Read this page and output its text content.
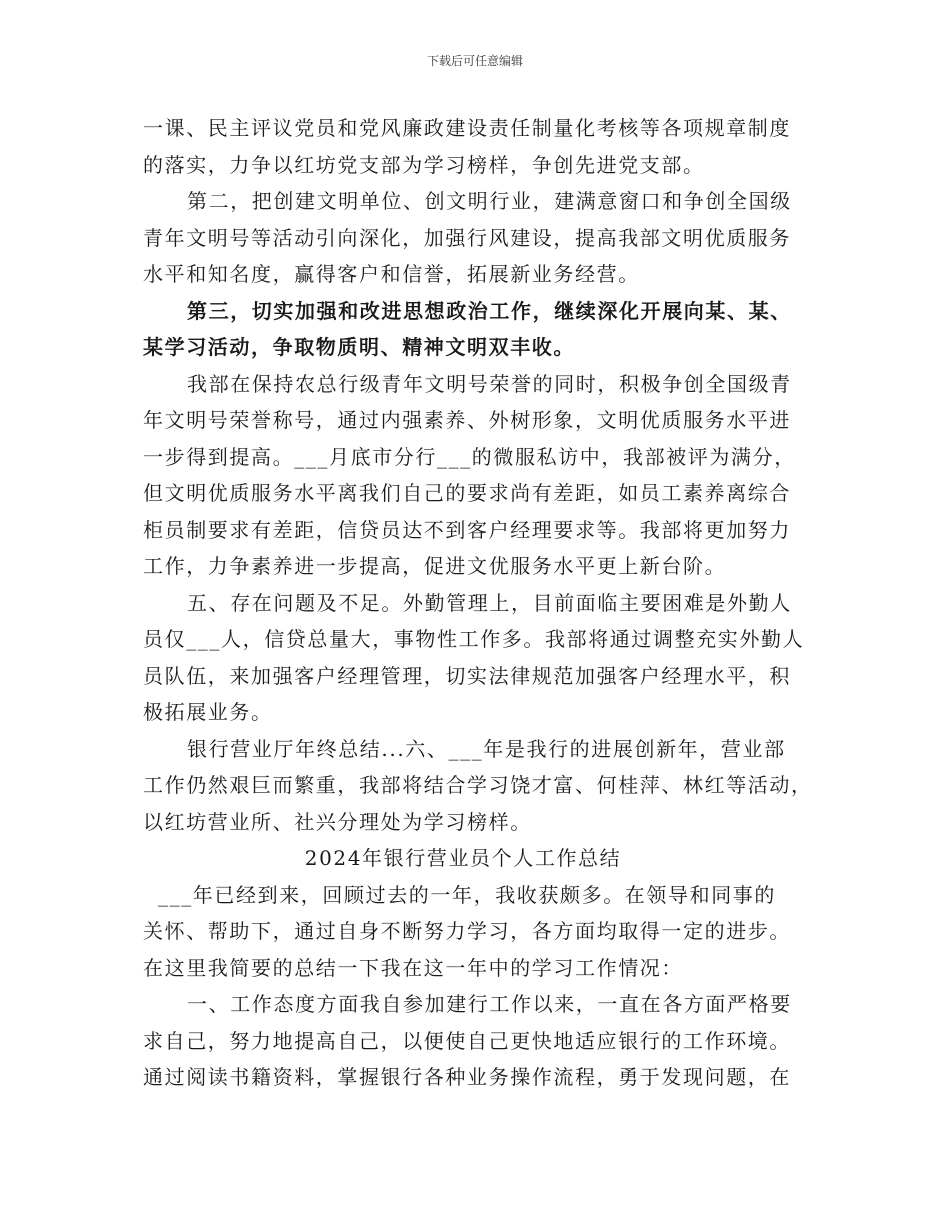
下载后可任意编辑
一课、民主评议党员和党风廉政建设责任制量化考核等各项规章制度
的落实，力争以红坊党支部为学习榜样，争创先进党支部。
第二，把创建文明单位、创文明行业，建满意窗口和争创全国级
青年文明号等活动引向深化，加强行风建设，提高我部文明优质服务
水平和知名度，赢得客户和信誉，拓展新业务经营。
第三，切实加强和改进思想政治工作，继续深化开展向某、某、
某学习活动，争取物质明、精神文明双丰收。
我部在保持农总行级青年文明号荣誉的同时，积极争创全国级青
年文明号荣誉称号，通过内强素养、外树形象，文明优质服务水平进
一步得到提高。___月底市分行___的微服私访中，我部被评为满分，
但文明优质服务水平离我们自己的要求尚有差距，如员工素养离综合
柜员制要求有差距，信贷员达不到客户经理要求等。我部将更加努力
工作，力争素养进一步提高，促进文优服务水平更上新台阶。
五、存在问题及不足。外勤管理上，目前面临主要困难是外勤人
员仅___人，信贷总量大，事物性工作多。我部将通过调整充实外勤人
员队伍，来加强客户经理管理，切实法律规范加强客户经理水平，积
极拓展业务。
银行营业厅年终总结...六、___年是我行的进展创新年，营业部
工作仍然艰巨而繁重，我部将结合学习饶才富、何桂萍、林红等活动，
以红坊营业所、社兴分理处为学习榜样。
2024年银行营业员个人工作总结
___年已经到来，回顾过去的一年，我收获颇多。在领导和同事的
关怀、帮助下，通过自身不断努力学习，各方面均取得一定的进步。
在这里我简要的总结一下我在这一年中的学习工作情况：
一、工作态度方面我自参加建行工作以来，一直在各方面严格要
求自己，努力地提高自己，以便使自己更快地适应银行的工作环境。
通过阅读书籍资料，掌握银行各种业务操作流程，勇于发现问题，在
